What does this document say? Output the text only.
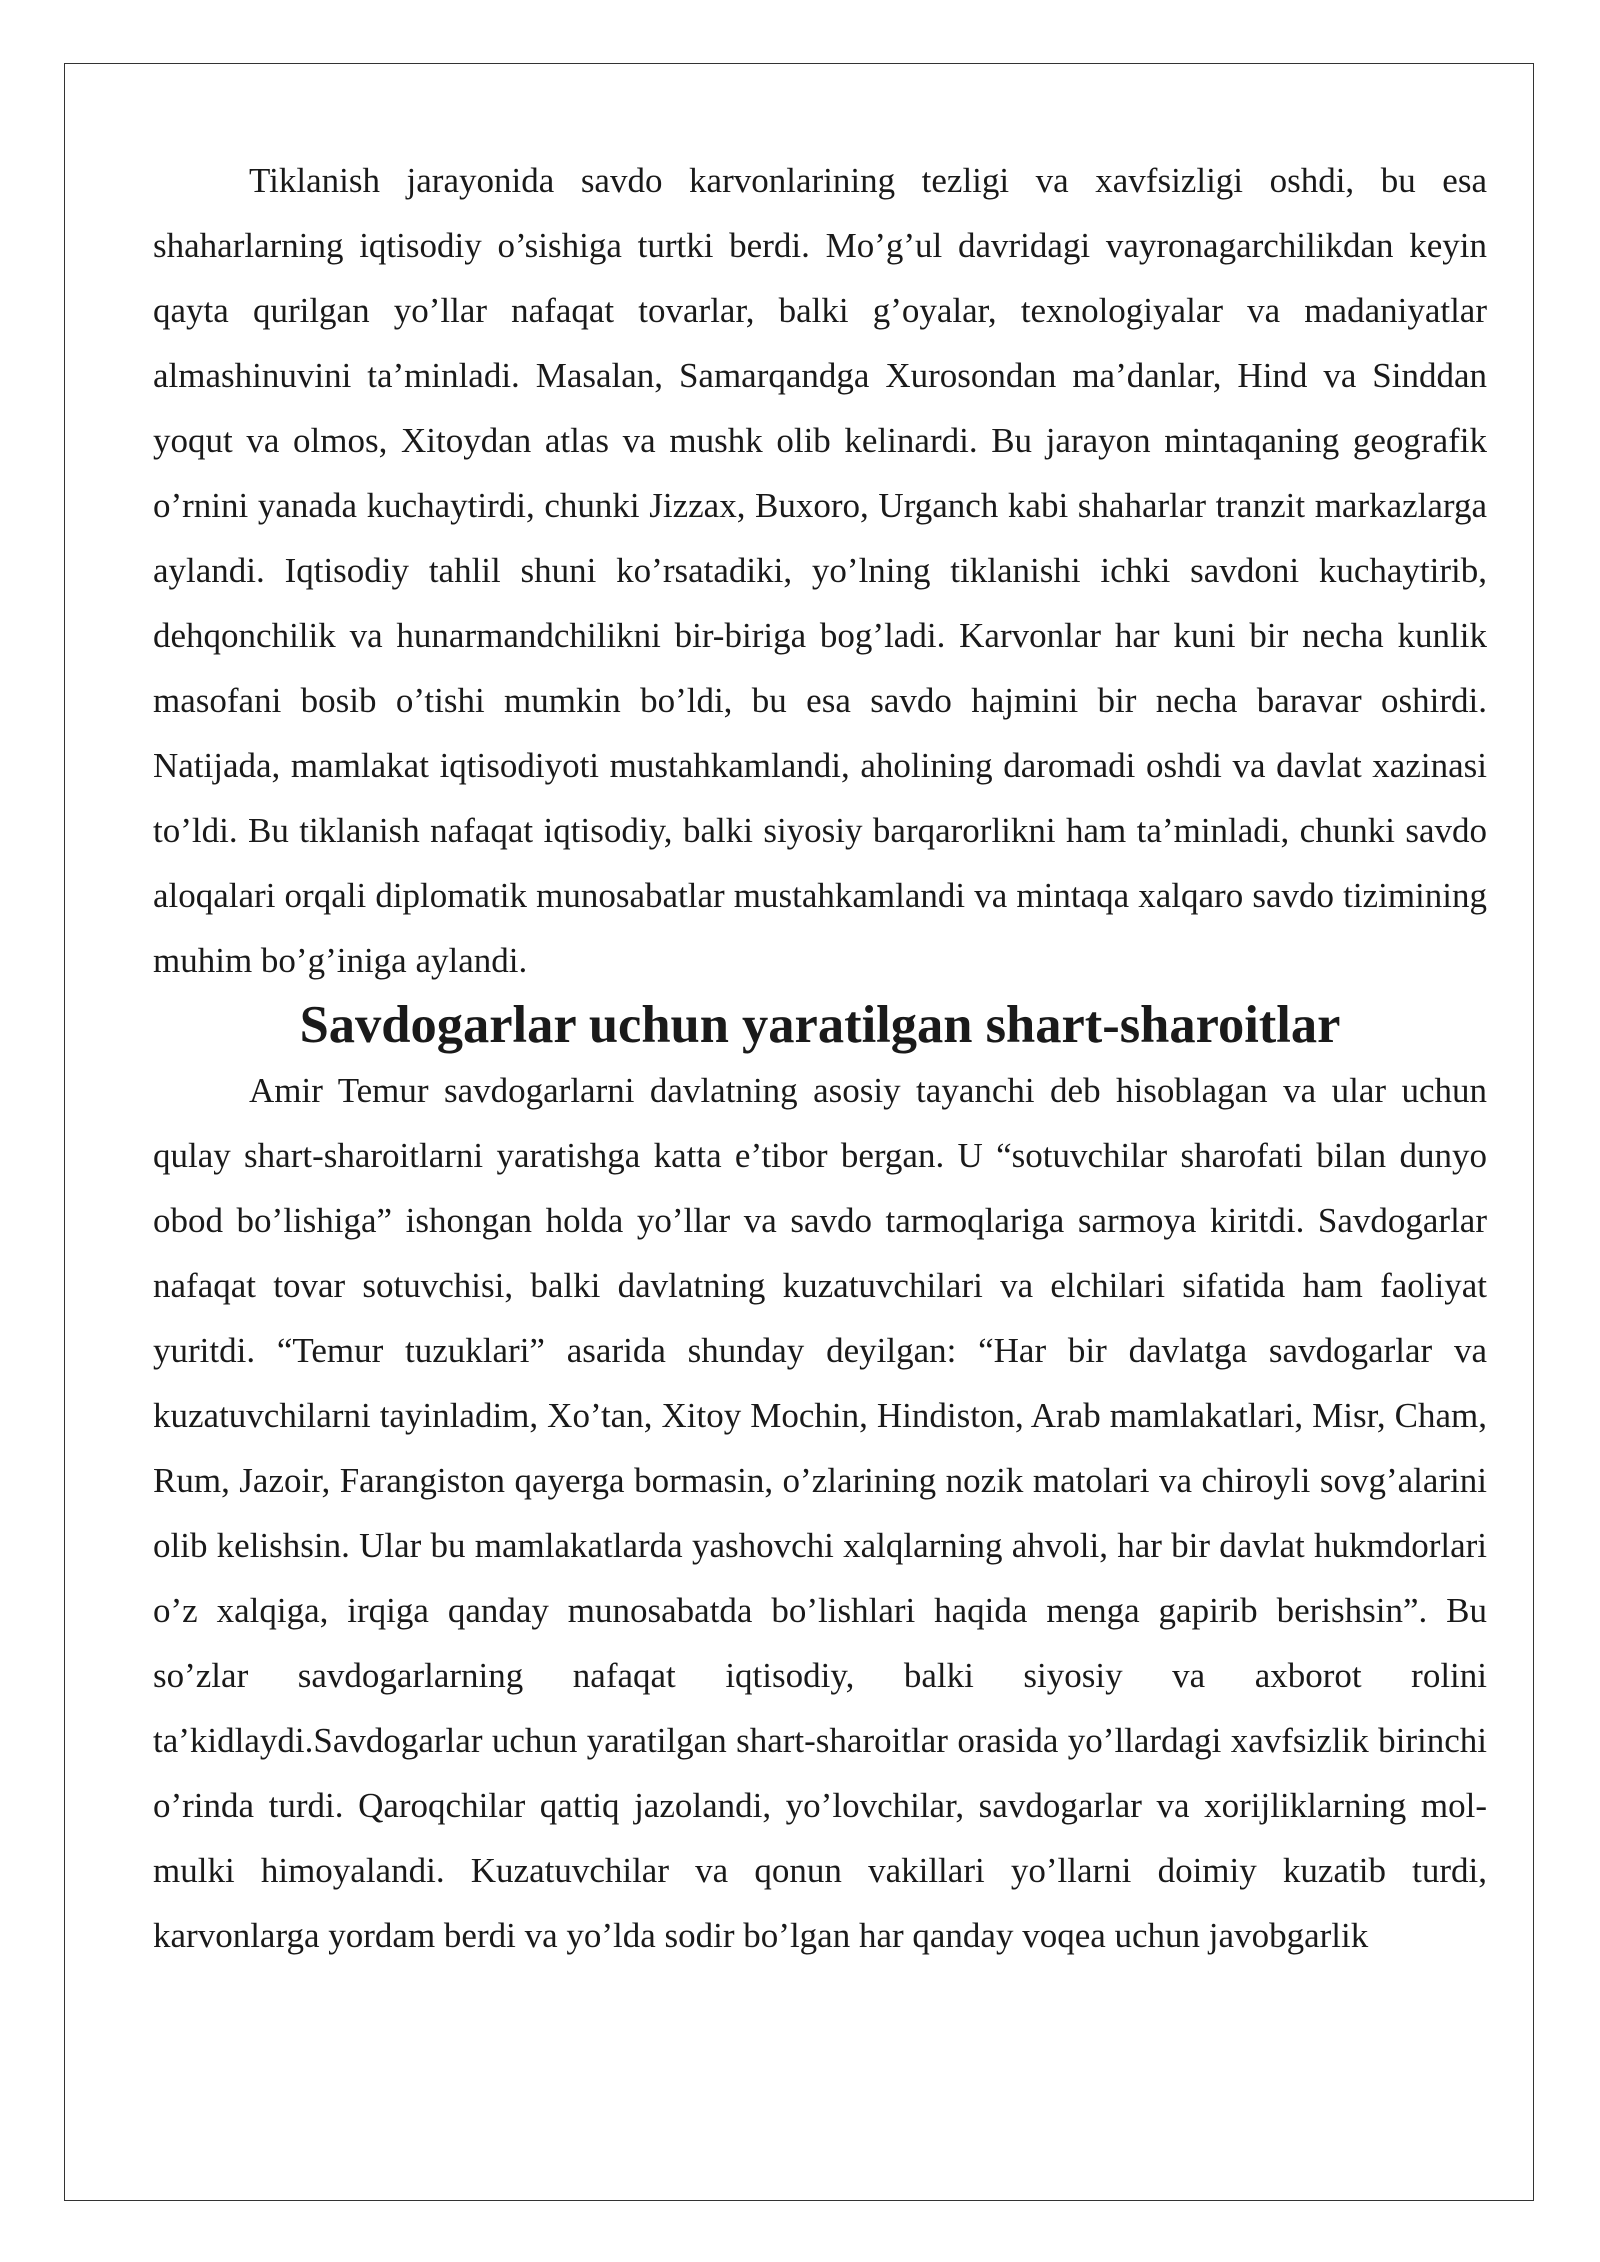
Tiklanish jarayonida savdo karvonlarining tezligi va xavfsizligi oshdi, bu esa shaharlarning iqtisodiy o’sishiga turtki berdi. Mo’g’ul davridagi vayronagarchilikdan keyin qayta qurilgan yo’llar nafaqat tovarlar, balki g’oyalar, texnologiyalar va madaniyatlar almashinuvini ta’minladi. Masalan, Samarqandga Xurosondan ma’danlar, Hind va Sinddan yoqut va olmos, Xitoydan atlas va mushk olib kelinardi. Bu jarayon mintaqaning geografik o’rnini yanada kuchaytirdi, chunki Jizzax, Buxoro, Urganch kabi shaharlar tranzit markazlarga aylandi. Iqtisodiy tahlil shuni ko’rsatadiki, yo’lning tiklanishi ichki savdoni kuchaytirib, dehqonchilik va hunarmandchilikni bir-biriga bog’ladi. Karvonlar har kuni bir necha kunlik masofani bosib o’tishi mumkin bo’ldi, bu esa savdo hajmini bir necha baravar oshirdi. Natijada, mamlakat iqtisodiyoti mustahkamlandi, aholining daromadi oshdi va davlat xazinasi to’ldi. Bu tiklanish nafaqat iqtisodiy, balki siyosiy barqarorlikni ham ta’minladi, chunki savdo aloqalari orqali diplomatik munosabatlar mustahkamlandi va mintaqa xalqaro savdo tizimining muhim bo’g’iniga aylandi.

Savdogarlar uchun yaratilgan shart-sharoitlar

Amir Temur savdogarlarni davlatning asosiy tayanchi deb hisoblagan va ular uchun qulay shart-sharoitlarni yaratishga katta e’tibor bergan. U “sotuvchilar sharofati bilan dunyo obod bo’lishiga” ishongan holda yo’llar va savdo tarmoqlariga sarmoya kiritdi. Savdogarlar nafaqat tovar sotuvchisi, balki davlatning kuzatuvchilari va elchilari sifatida ham faoliyat yuritdi. “Temur tuzuklari” asarida shunday deyilgan: “Har bir davlatga savdogarlar va kuzatuvchilarni tayinladim, Xo’tan, Xitoy Mochin, Hindiston, Arab mamlakatlari, Misr, Cham, Rum, Jazoir, Farangiston qayerga bormasin, o’zlarining nozik matolari va chiroyli sovg’alarini olib kelishsin. Ular bu mamlakatlarda yashovchi xalqlarning ahvoli, har bir davlat hukmdorlari o’z xalqiga, irqiga qanday munosabatda bo’lishlari haqida menga gapirib berishsin”. Bu so’zlar savdogarlarning nafaqat iqtisodiy, balki siyosiy va axborot rolini ta’kidlaydi.Savdogarlar uchun yaratilgan shart-sharoitlar orasida yo’llardagi xavfsizlik birinchi o’rinda turdi. Qaroqchilar qattiq jazolandi, yo’lovchilar, savdogarlar va xorijliklarning mol-mulki himoyalandi. Kuzatuvchilar va qonun vakillari yo’llarni doimiy kuzatib turdi, karvonlarga yordam berdi va yo’lda sodir bo’lgan har qanday voqea uchun javobgarlik
